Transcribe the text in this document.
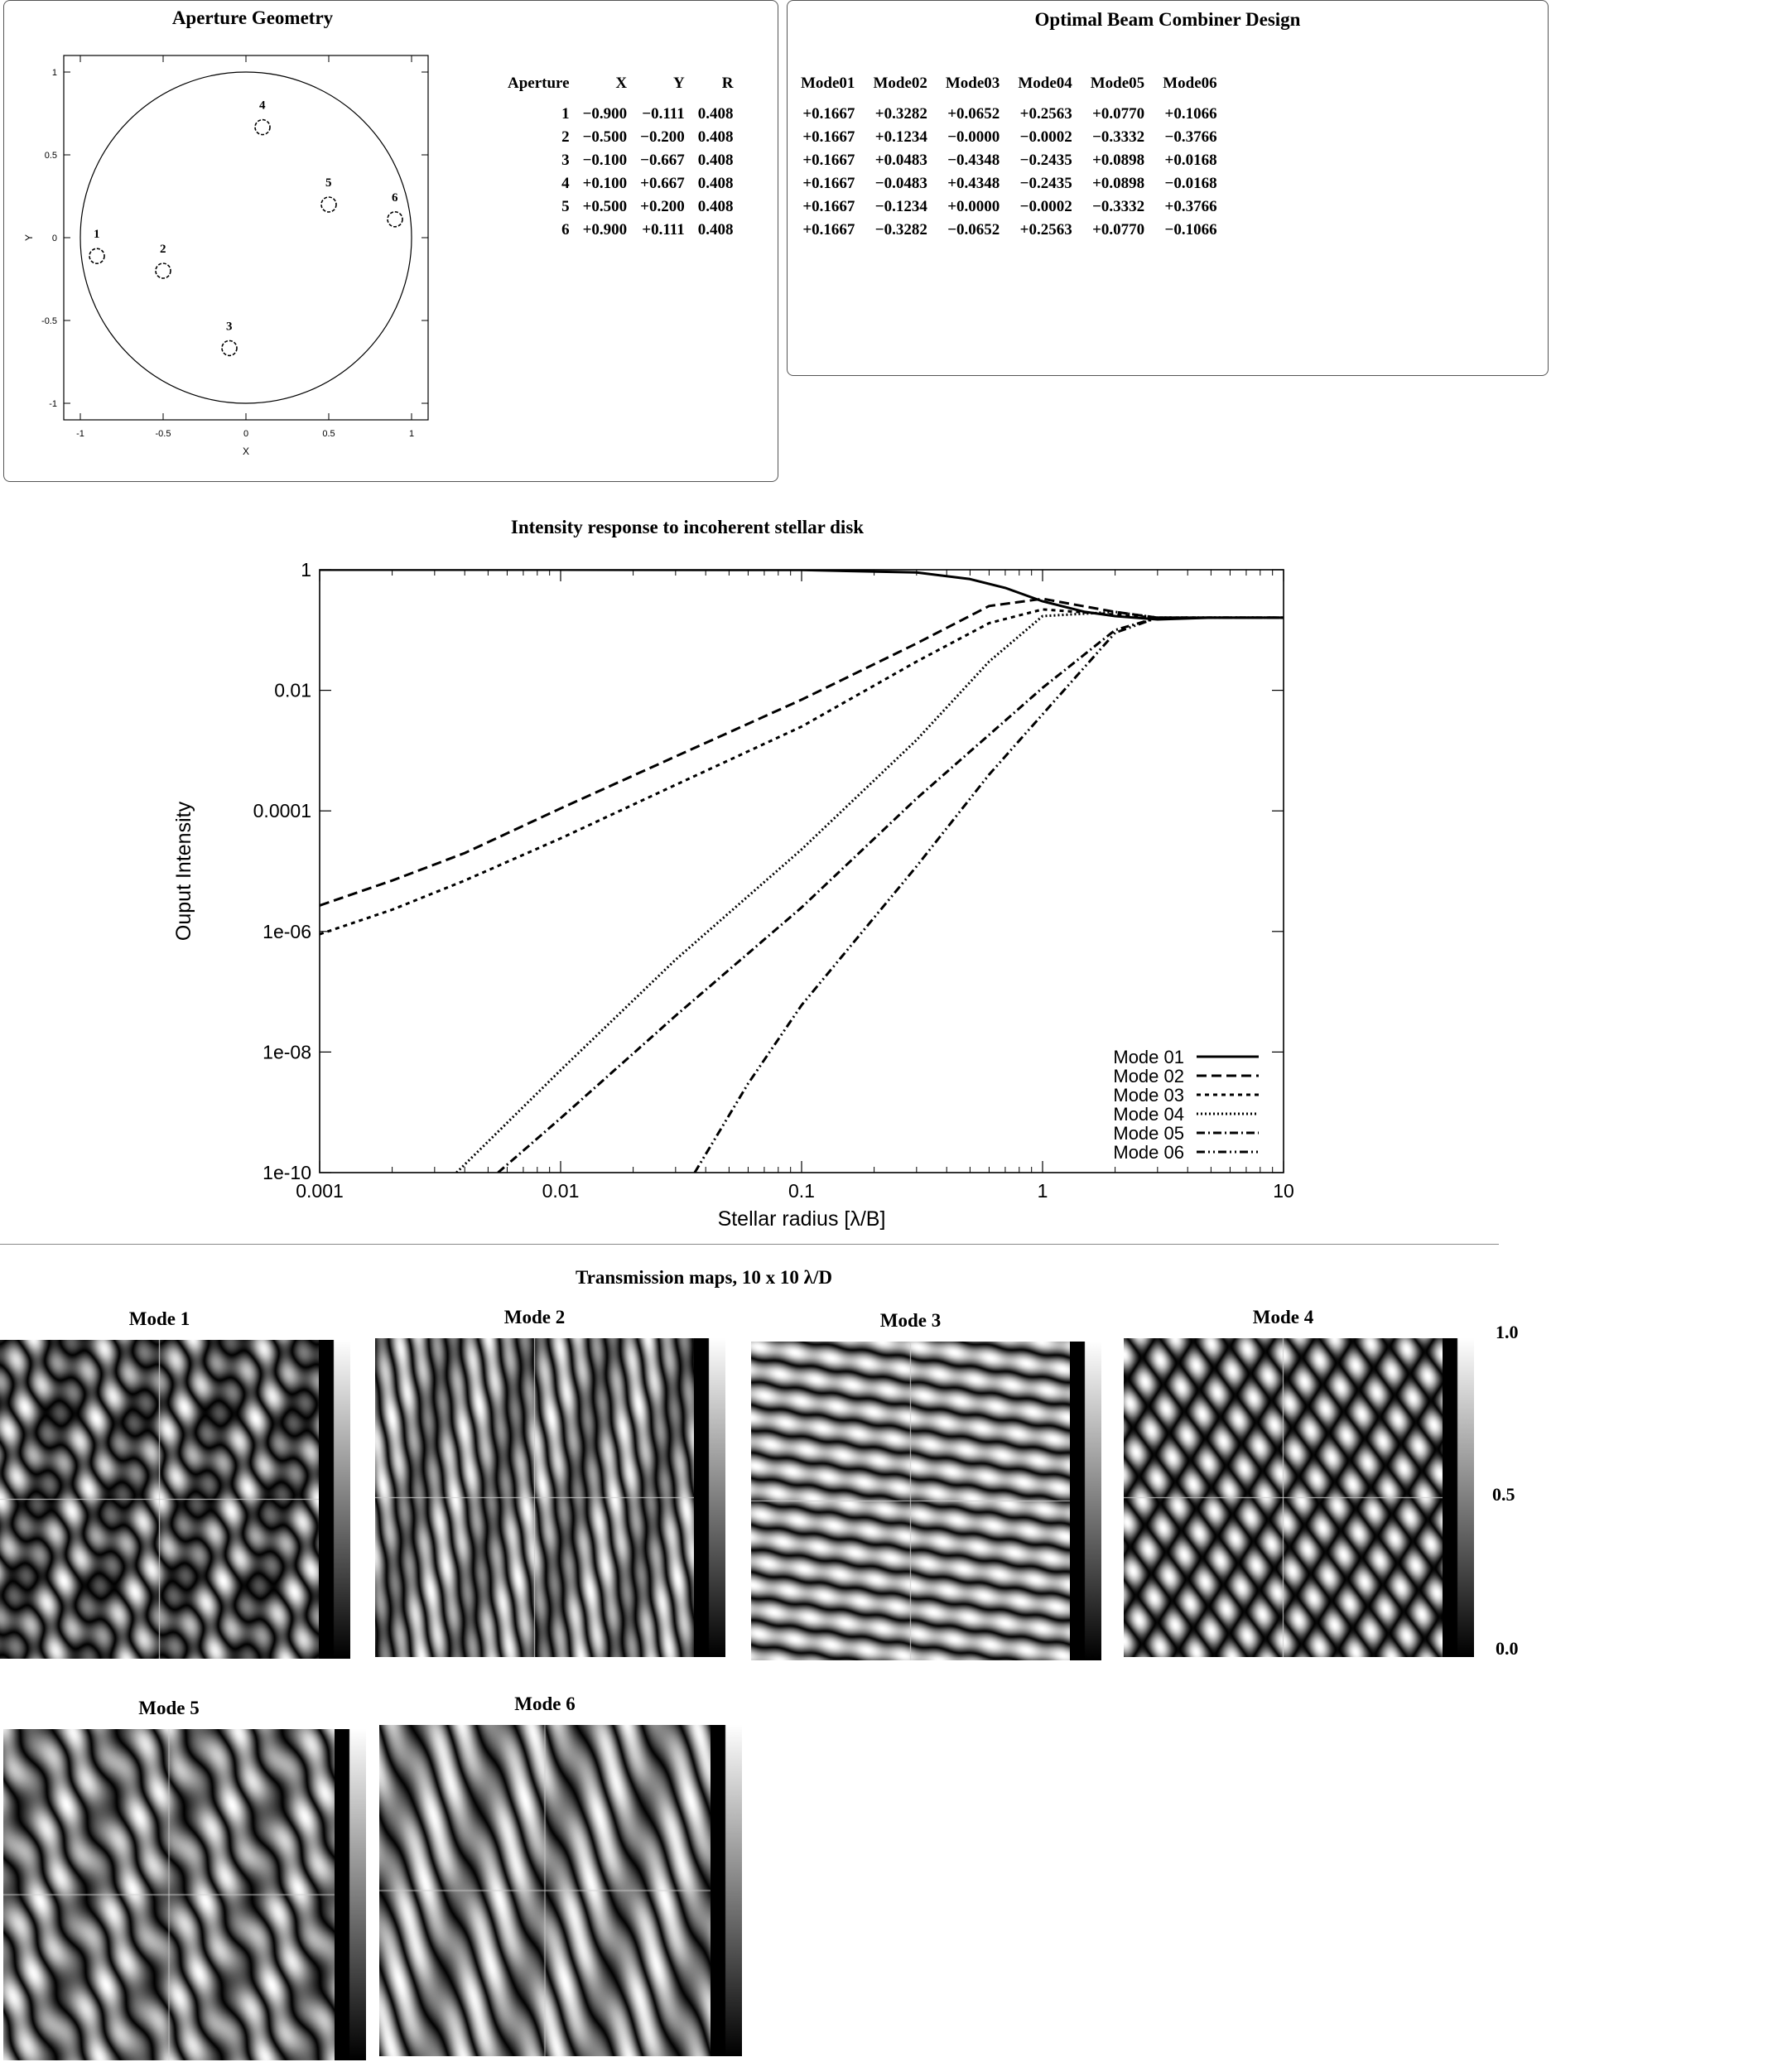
Aperture Geometry
-1
-1
-0.5
-0.5
0
0
0.5
0.5
1
1
X
Y	1
2
3
4
5
6
Aperture	X	Y	R
1	−0.900	−0.111	0.408
2	−0.500	−0.200	0.408
3	−0.100	−0.667	0.408
4	+0.100	+0.667	0.408
5	+0.500	+0.200	0.408
6	+0.900	+0.111	0.408
Optimal Beam Combiner Design
Mode01	Mode02	Mode03	Mode04	Mode05	Mode06
+0.1667	+0.3282	+0.0652	+0.2563	+0.0770	+0.1066
+0.1667	+0.1234	−0.0000	−0.0002	−0.3332	−0.3766
+0.1667	+0.0483	−0.4348	−0.2435	+0.0898	+0.0168
+0.1667	−0.0483	+0.4348	−0.2435	+0.0898	−0.0168
+0.1667	−0.1234	+0.0000	−0.0002	−0.3332	+0.3766
+0.1667	−0.3282	−0.0652	+0.2563	+0.0770	−0.1066
Intensity response to incoherent stellar disk
0.001	0.01	0.1	1	10
1
0.01
0.0001
1e-06
1e-08
1e-10
Stellar radius [λ/B]
Ouput Intensity
Mode 01
Mode 02
Mode 03
Mode 04
Mode 05
Mode 06
Transmission maps, 10 x 10 λ/D
Mode 1	Mode 2	Mode 3	Mode 4
Mode 5	Mode 6
1.0
0.5
0.0
